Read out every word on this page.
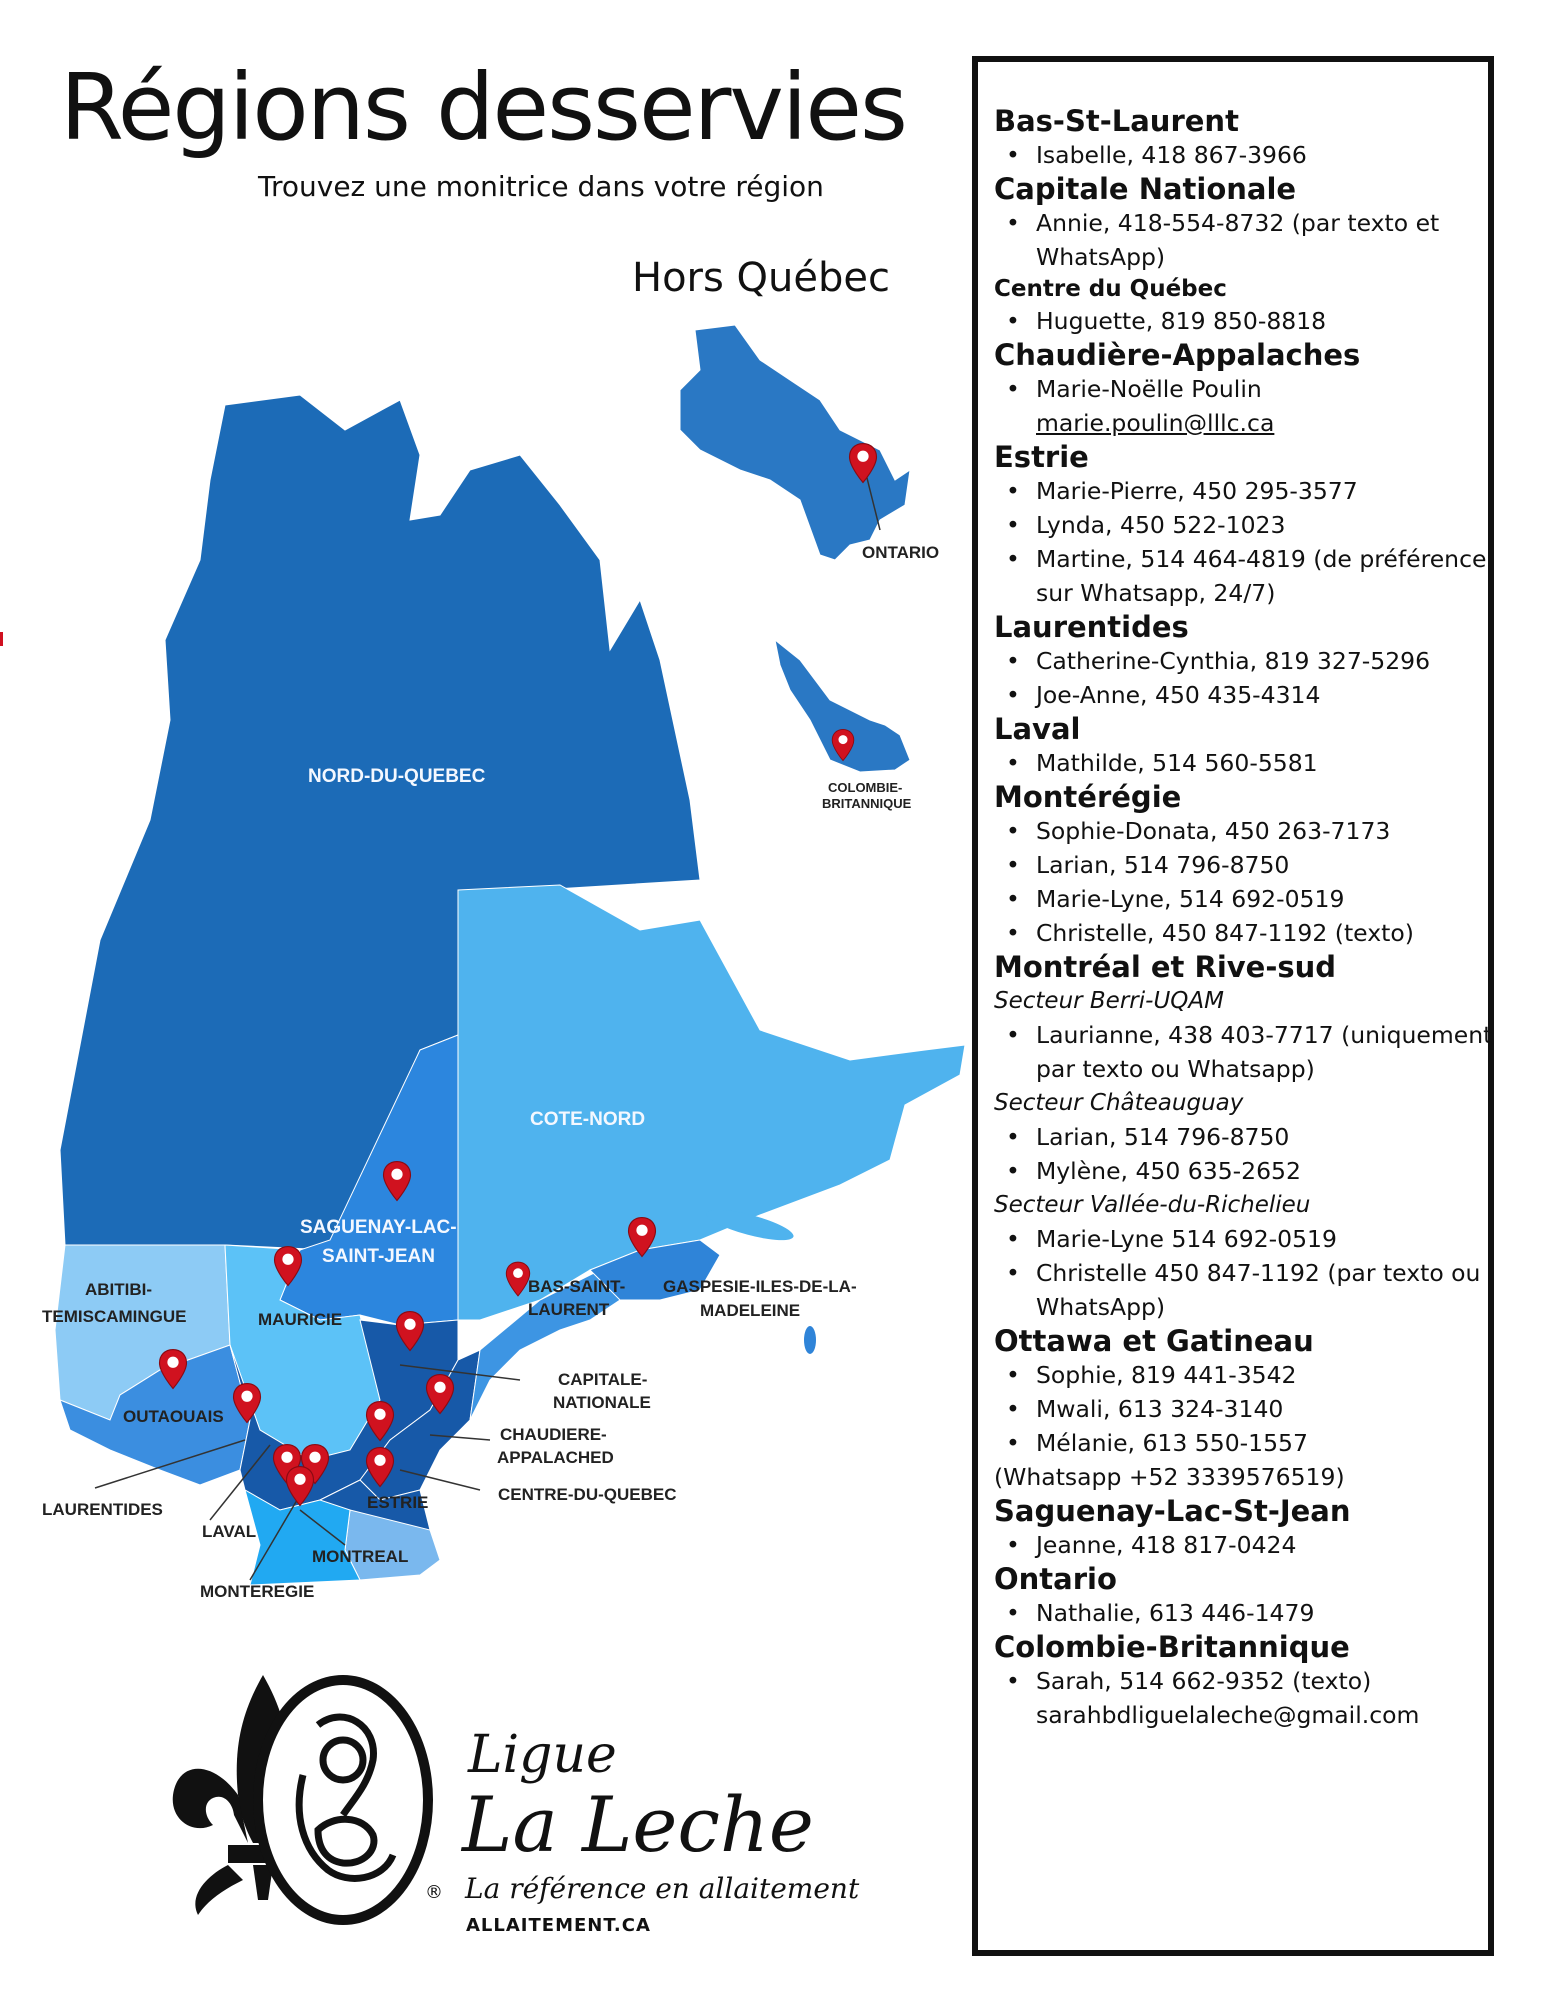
Régions desservies
Trouvez une monitrice dans votre région
Hors Québec
NORD-DU-QUEBEC
COTE-NORD
SAGUENAY-LAC-
SAINT-JEAN
ABITIBI-
TEMISCAMINGUE	MAURICIE
BAS-SAINT-
LAURENT
GASPESIE-ILES-DE-LA-
MADELEINE
CAPITALE-
NATIONALE
OUTAOUAIS
CHAUDIERE-
APPALACHED
CENTRE-DU-QUEBEC
LAURENTIDES	ESTRIE
LAVAL
MONTREAL
MONTEREGIE
ONTARIO
COLOMBIE-
BRITANNIQUE
Ligue
La Leche
® La référence en allaitement
ALLAITEMENT.CA
Bas-St-Laurent
• Isabelle, 418 867-3966
Capitale Nationale
• Annie, 418-554-8732 (par texto et
WhatsApp)
Centre du Québec
• Huguette, 819 850-8818
Chaudière-Appalaches
• Marie-Noëlle Poulin
marie.poulin@lllc.ca
Estrie
• Marie-Pierre, 450 295-3577
• Lynda, 450 522-1023
• Martine, 514 464-4819 (de préférence
sur Whatsapp, 24/7)
Laurentides
• Catherine-Cynthia, 819 327-5296
• Joe-Anne, 450 435-4314
Laval
• Mathilde, 514 560-5581
Montérégie
• Sophie-Donata, 450 263-7173
• Larian, 514 796-8750
• Marie-Lyne, 514 692-0519
• Christelle, 450 847-1192 (texto)
Montréal et Rive-sud
Secteur Berri-UQAM
• Laurianne, 438 403-7717 (uniquement
par texto ou Whatsapp)
Secteur Châteauguay
• Larian, 514 796-8750
• Mylène, 450 635-2652
Secteur Vallée-du-Richelieu
• Marie-Lyne 514 692-0519
• Christelle 450 847-1192 (par texto ou
WhatsApp)
Ottawa et Gatineau
• Sophie, 819 441-3542
• Mwali, 613 324-3140
• Mélanie, 613 550-1557
(Whatsapp +52 3339576519)
Saguenay-Lac-St-Jean
• Jeanne, 418 817-0424
Ontario
• Nathalie, 613 446-1479
Colombie-Britannique
• Sarah, 514 662-9352 (texto)
sarahbdliguelaleche@gmail.com
